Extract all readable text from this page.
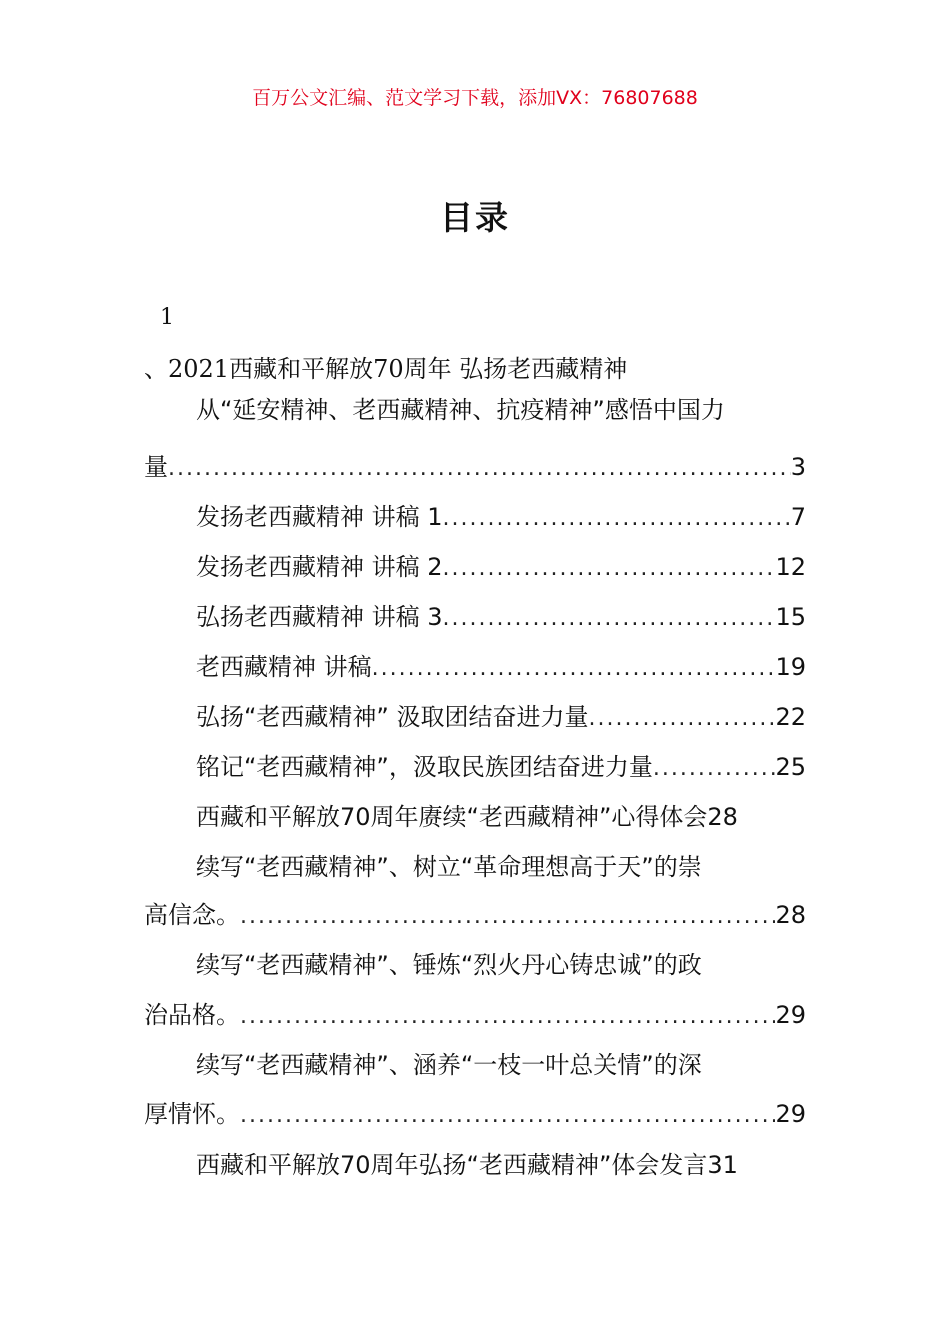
百万公文汇编、范文学习下载，添加VX：76807688
目录
1
、2021西藏和平解放70周年 弘扬老西藏精神
从“延安精神、老西藏精神、抗疫精神”感悟中国力
量 .....	3
发扬老西藏精神 讲稿 1 .....	7
发扬老西藏精神 讲稿 2 .....	12
弘扬老西藏精神 讲稿 3 .....	15
老西藏精神 讲稿 .....	19
弘扬“老西藏精神” 汲取团结奋进力量 .....	22
铭记“老西藏精神”，汲取民族团结奋进力量 .....	25
西藏和平解放70周年赓续“老西藏精神”心得体会 28
续写“老西藏精神”、树立“革命理想高于天”的崇
高信念。 .....	28
续写“老西藏精神”、锤炼“烈火丹心铸忠诚”的政
治品格。 .....	29
续写“老西藏精神”、涵养“一枝一叶总关情”的深
厚情怀。 .....	29
西藏和平解放70周年弘扬“老西藏精神”体会发言 31
